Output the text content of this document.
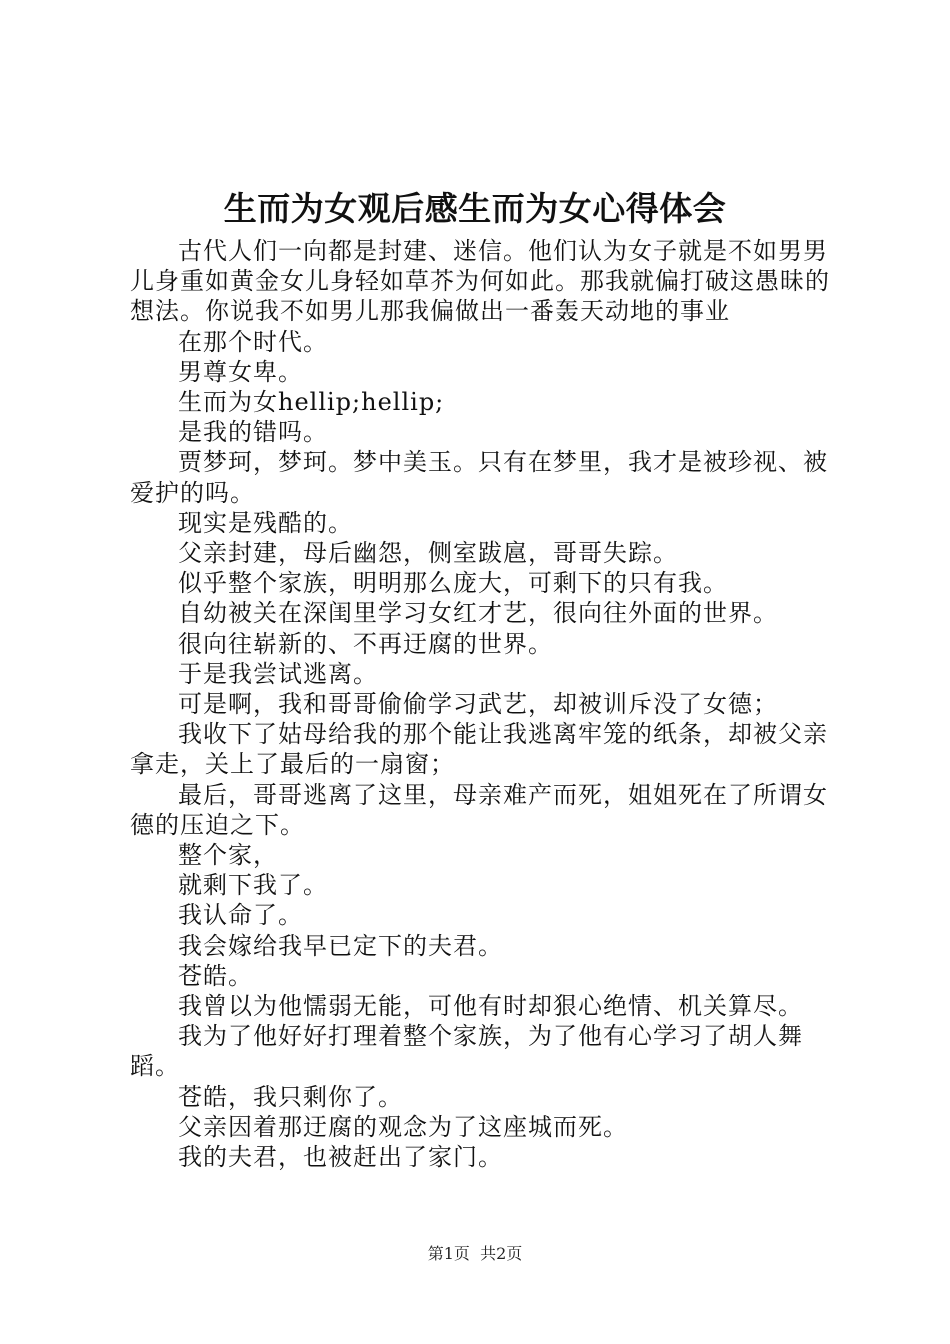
生而为女观后感生而为女心得体会

古代人们一向都是封建、迷信。他们认为女子就是不如男男儿身重如黄金女儿身轻如草芥为何如此。那我就偏打破这愚昧的想法。你说我不如男儿那我偏做出一番轰天动地的事业

在那个时代。

男尊女卑。

生而为女hellip;hellip;

是我的错吗。

贾梦珂，梦珂。梦中美玉。只有在梦里，我才是被珍视、被爱护的吗。

现实是残酷的。

父亲封建，母后幽怨，侧室跋扈，哥哥失踪。

似乎整个家族，明明那么庞大，可剩下的只有我。

自幼被关在深闺里学习女红才艺，很向往外面的世界。

很向往崭新的、不再迂腐的世界。

于是我尝试逃离。

可是啊，我和哥哥偷偷学习武艺，却被训斥没了女德；

我收下了姑母给我的那个能让我逃离牢笼的纸条，却被父亲拿走，关上了最后的一扇窗；

最后，哥哥逃离了这里，母亲难产而死，姐姐死在了所谓女德的压迫之下。

整个家，

就剩下我了。

我认命了。

我会嫁给我早已定下的夫君。

苍皓。

我曾以为他懦弱无能，可他有时却狠心绝情、机关算尽。

我为了他好好打理着整个家族，为了他有心学习了胡人舞蹈。

苍皓，我只剩你了。

父亲因着那迂腐的观念为了这座城而死。

我的夫君，也被赶出了家门。

第1页 共2页
